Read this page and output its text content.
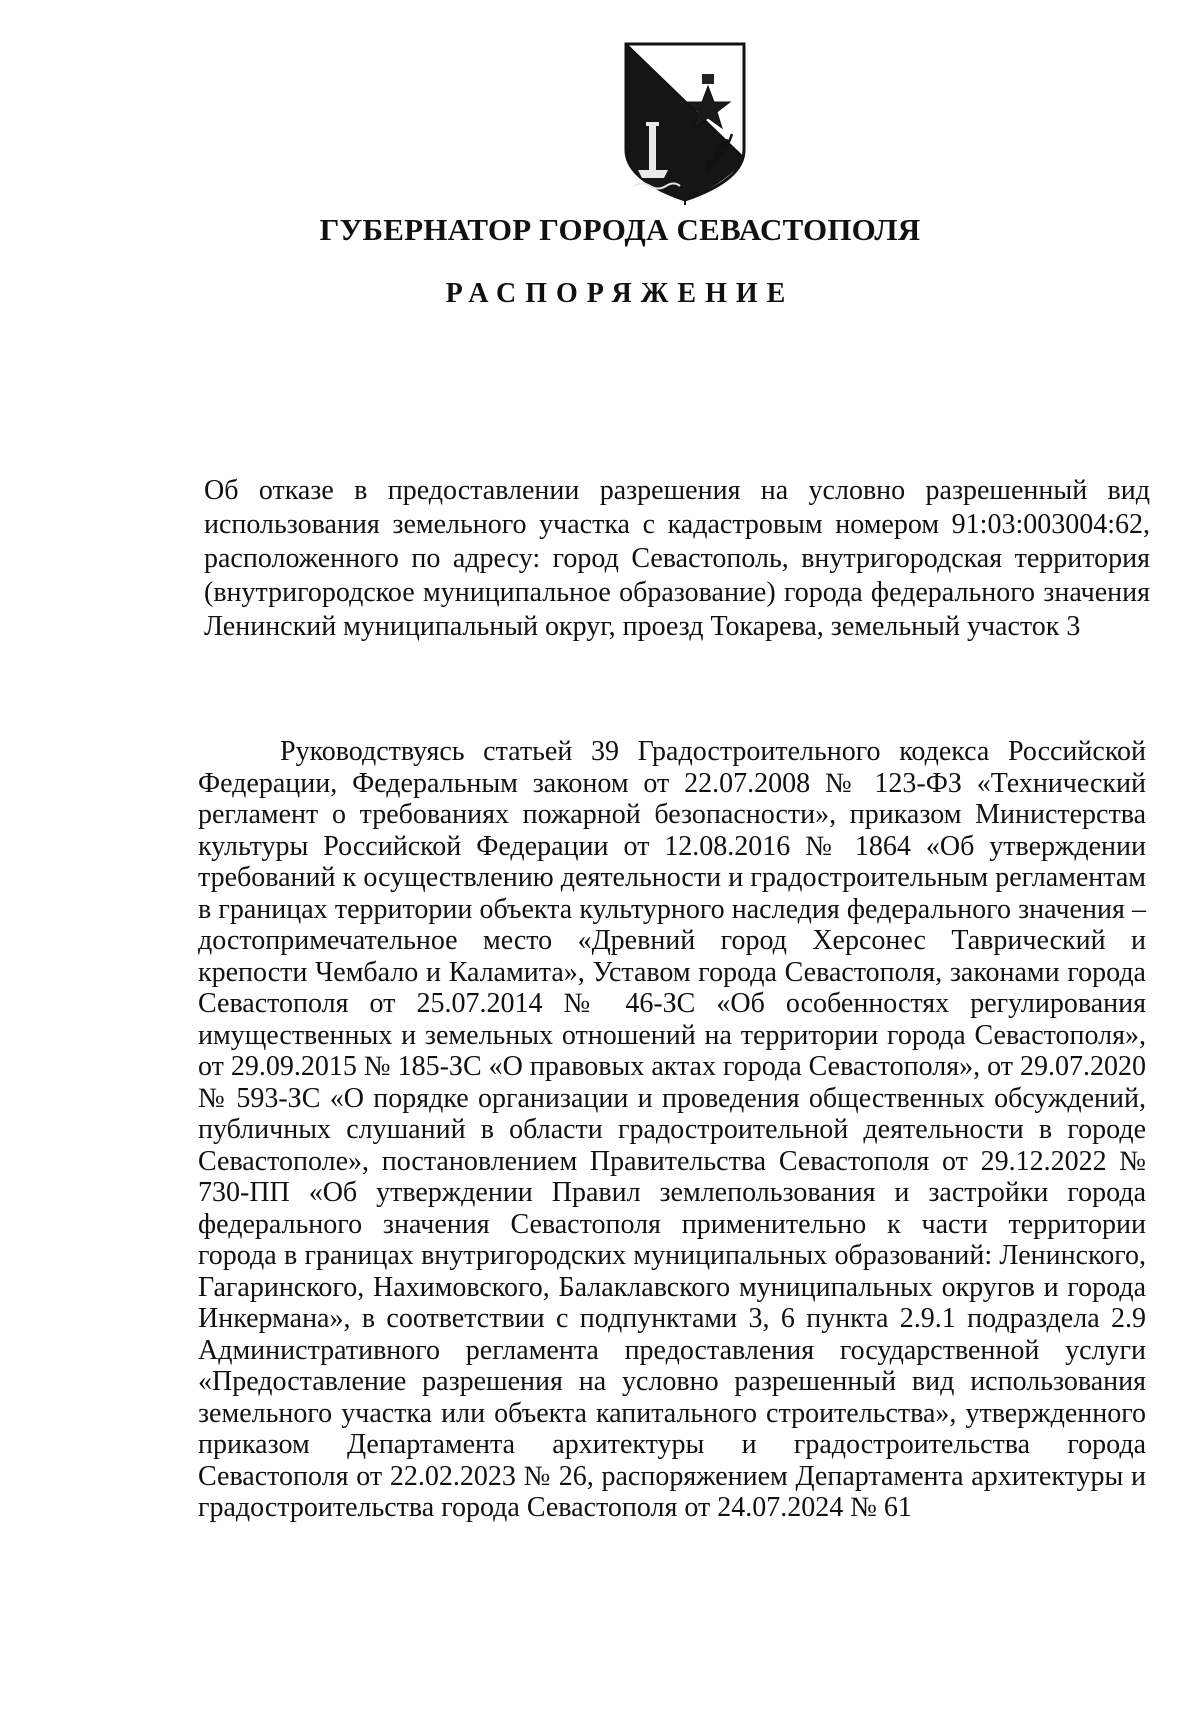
ГУБЕРНАТОР ГОРОДА СЕВАСТОПОЛЯ
РАСПОРЯЖЕНИЕ
Об отказе в предоставлении разрешения на условно разрешенный вид использования земельного участка с кадастровым номером 91:03:003004:62, расположенного по адресу: город Севастополь, внутригородская территория (внутригородское муниципальное образование) города федерального значения Ленинский муниципальный округ, проезд Токарева, земельный участок 3
Руководствуясь статьей 39 Градостроительного кодекса Российской Федерации, Федеральным законом от 22.07.2008 № 123-ФЗ «Технический регламент о требованиях пожарной безопасности», приказом Министерства культуры Российской Федерации от 12.08.2016 № 1864 «Об утверждении требований к осуществлению деятельности и градостроительным регламентам в границах территории объекта культурного наследия федерального значения – достопримечательное место «Древний город Херсонес Таврический и крепости Чембало и Каламита», Уставом города Севастополя, законами города Севастополя от 25.07.2014 № 46-ЗС «Об особенностях регулирования имущественных и земельных отношений на территории города Севастополя», от 29.09.2015 № 185-ЗС «О правовых актах города Севастополя», от 29.07.2020 № 593-ЗС «О порядке организации и проведения общественных обсуждений, публичных слушаний в области градостроительной деятельности в городе Севастополе», постановлением Правительства Севастополя от 29.12.2022 № 730-ПП «Об утверждении Правил землепользования и застройки города федерального значения Севастополя применительно к части территории города в границах внутригородских муниципальных образований: Ленинского, Гагаринского, Нахимовского, Балаклавского муниципальных округов и города Инкермана», в соответствии с подпунктами 3, 6 пункта 2.9.1 подраздела 2.9 Административного регламента предоставления государственной услуги «Предоставление разрешения на условно разрешенный вид использования земельного участка или объекта капитального строительства», утвержденного приказом Департамента архитектуры и градостроительства города Севастополя от 22.02.2023 № 26, распоряжением Департамента архитектуры и градостроительства города Севастополя от 24.07.2024 № 61
